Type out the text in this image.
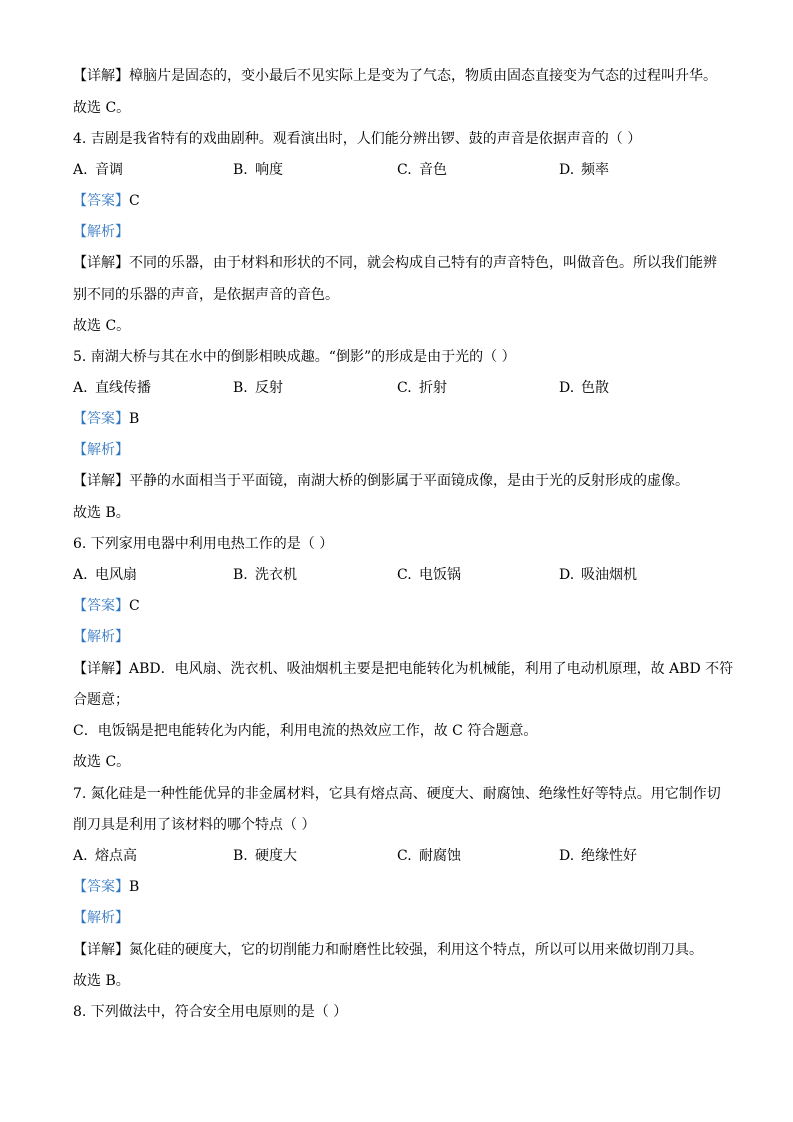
【详解】樟脑片是固态的，变小最后不见实际上是变为了气态，物质由固态直接变为气态的过程叫升华。
故选 C。
4. 吉剧是我省特有的戏曲剧种。观看演出时，人们能分辨出锣、鼓的声音是依据声音的（ ）
A. 音调	B. 响度	C. 音色	D. 频率
【答案】C
【解析】
【详解】不同的乐器，由于材料和形状的不同，就会构成自己特有的声音特色，叫做音色。所以我们能辨
别不同的乐器的声音，是依据声音的音色。
故选 C。
5. 南湖大桥与其在水中的倒影相映成趣。“倒影”的形成是由于光的（ ）
A. 直线传播	B. 反射	C. 折射	D. 色散
【答案】B
【解析】
【详解】平静的水面相当于平面镜，南湖大桥的倒影属于平面镜成像，是由于光的反射形成的虚像。
故选 B。
6. 下列家用电器中利用电热工作的是（ ）
A. 电风扇	B. 洗衣机	C. 电饭锅	D. 吸油烟机
【答案】C
【解析】
【详解】ABD．电风扇、洗衣机、吸油烟机主要是把电能转化为机械能，利用了电动机原理，故 ABD 不符
合题意；
C．电饭锅是把电能转化为内能，利用电流的热效应工作，故 C 符合题意。
故选 C。
7. 氮化硅是一种性能优异的非金属材料，它具有熔点高、硬度大、耐腐蚀、绝缘性好等特点。用它制作切
削刀具是利用了该材料的哪个特点（ ）
A. 熔点高	B. 硬度大	C. 耐腐蚀	D. 绝缘性好
【答案】B
【解析】
【详解】氮化硅的硬度大，它的切削能力和耐磨性比较强，利用这个特点，所以可以用来做切削刀具。
故选 B。
8. 下列做法中，符合安全用电原则的是（ ）
